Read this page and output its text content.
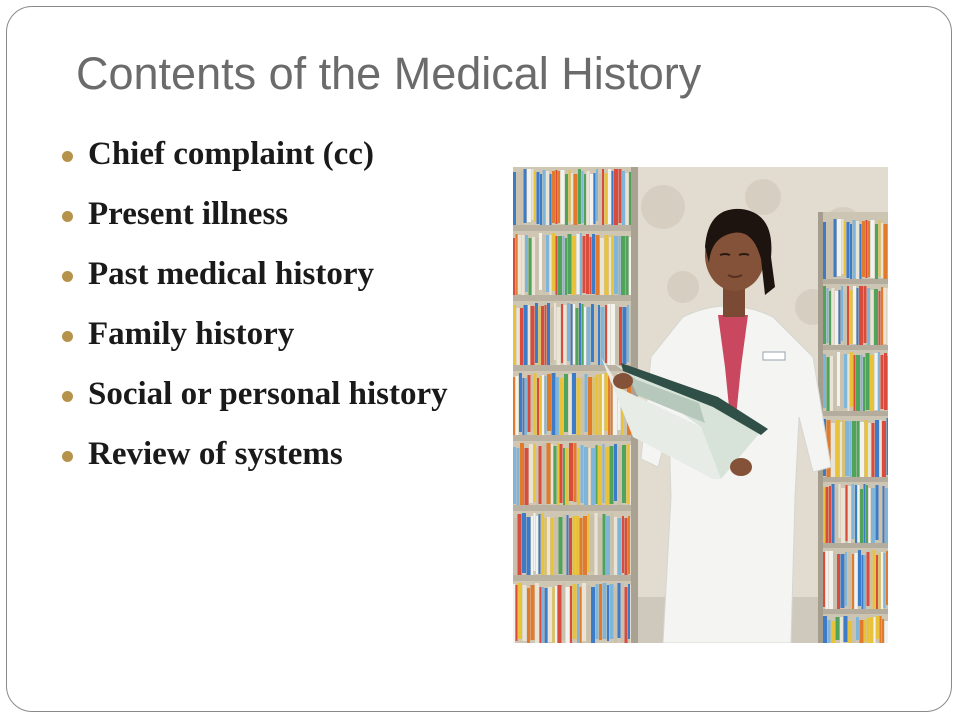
Contents of the Medical History
Chief complaint (cc)
Present illness
Past medical history
Family history
Social or personal history
Review of systems
